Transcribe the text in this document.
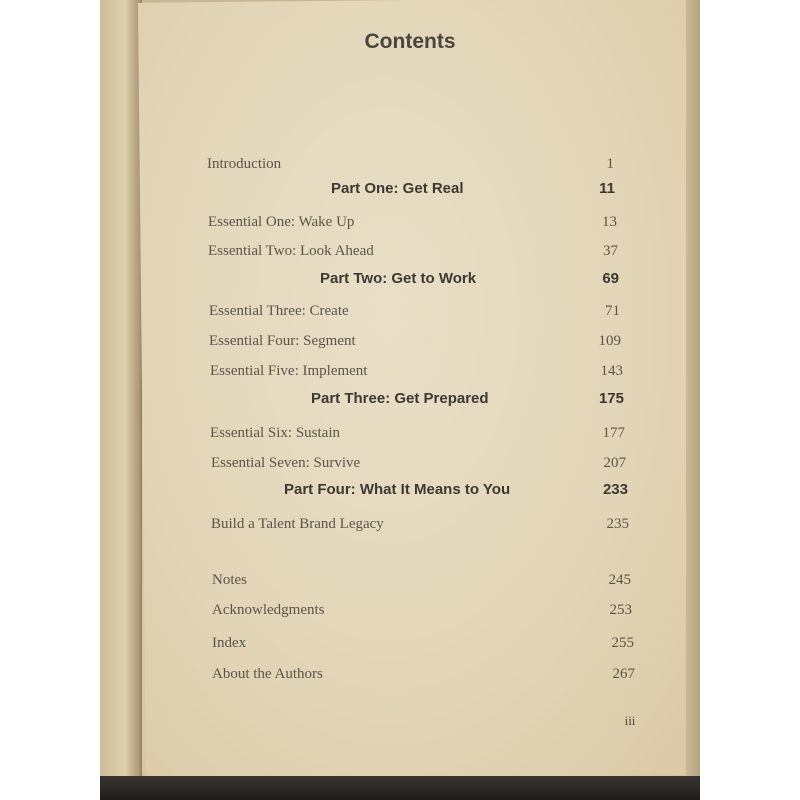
Contents
Introduction	1
Part One: Get Real	11
Essential One: Wake Up	13
Essential Two: Look Ahead	37
Part Two: Get to Work	69
Essential Three: Create	71
Essential Four: Segment	109
Essential Five: Implement	143
Part Three: Get Prepared	175
Essential Six: Sustain	177
Essential Seven: Survive	207
Part Four: What It Means to You	233
Build a Talent Brand Legacy	235
Notes	245
Acknowledgments	253
Index	255
About the Authors	267
iii
